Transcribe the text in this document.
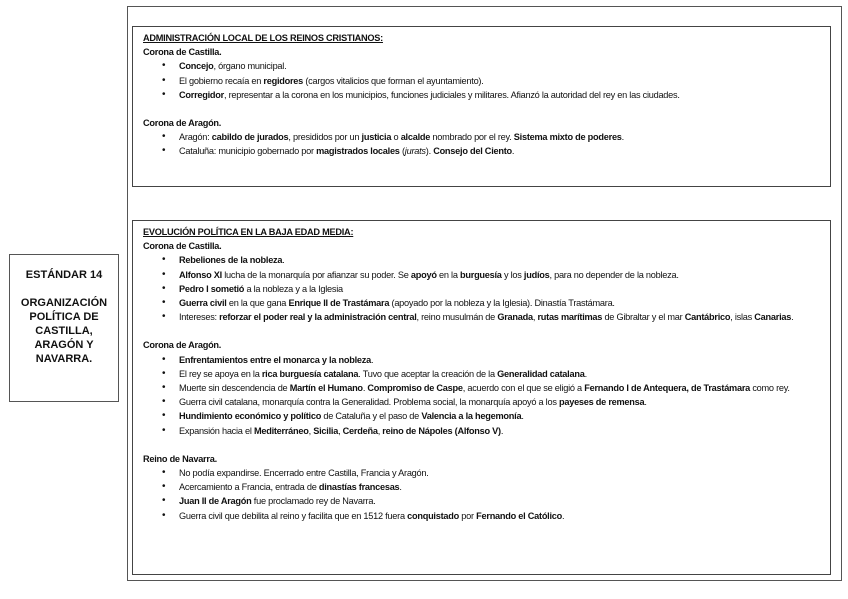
ESTÁNDAR 14
ORGANIZACIÓN
POLÍTICA DE
CASTILLA,
ARAGÓN Y
NAVARRA.
ADMINISTRACIÓN LOCAL DE LOS REINOS CRISTIANOS:
Corona de Castilla.
• Concejo, órgano municipal.
• El gobierno recaía en regidores (cargos vitalicios que forman el ayuntamiento).
• Corregidor, representar a la corona en los municipios, funciones judiciales y militares. Afianzó la autoridad del rey en las ciudades.
Corona de Aragón.
• Aragón: cabildo de jurados, presididos por un justicia o alcalde nombrado por el rey. Sistema mixto de poderes.
• Cataluña: municipio gobernado por magistrados locales (jurats). Consejo del Ciento.
EVOLUCIÓN POLÍTICA EN LA BAJA EDAD MEDIA:
Corona de Castilla.
• Rebeliones de la nobleza.
• Alfonso XI lucha de la monarquía por afianzar su poder. Se apoyó en la burguesía y los judíos, para no depender de la nobleza.
• Pedro I sometió a la nobleza y a la Iglesia
• Guerra civil en la que gana Enrique II de Trastámara (apoyado por la nobleza y la Iglesia). Dinastía Trastámara.
• Intereses: reforzar el poder real y la administración central, reino musulmán de Granada, rutas marítimas de Gibraltar y el mar Cantábrico, islas Canarias.
Corona de Aragón.
• Enfrentamientos entre el monarca y la nobleza.
• El rey se apoya en la rica burguesía catalana. Tuvo que aceptar la creación de la Generalidad catalana.
• Muerte sin descendencia de Martín el Humano. Compromiso de Caspe, acuerdo con el que se eligió a Fernando I de Antequera, de Trastámara como rey.
• Guerra civil catalana, monarquía contra la Generalidad. Problema social, la monarquía apoyó a los payeses de remensa.
• Hundimiento económico y político de Cataluña y el paso de Valencia a la hegemonía.
• Expansión hacia el Mediterráneo, Sicilia, Cerdeña, reino de Nápoles (Alfonso V).
Reino de Navarra.
• No podía expandirse. Encerrado entre Castilla, Francia y Aragón.
• Acercamiento a Francia, entrada de dinastías francesas.
• Juan II de Aragón fue proclamado rey de Navarra.
• Guerra civil que debilita al reino y facilita que en 1512 fuera conquistado por Fernando el Católico.
